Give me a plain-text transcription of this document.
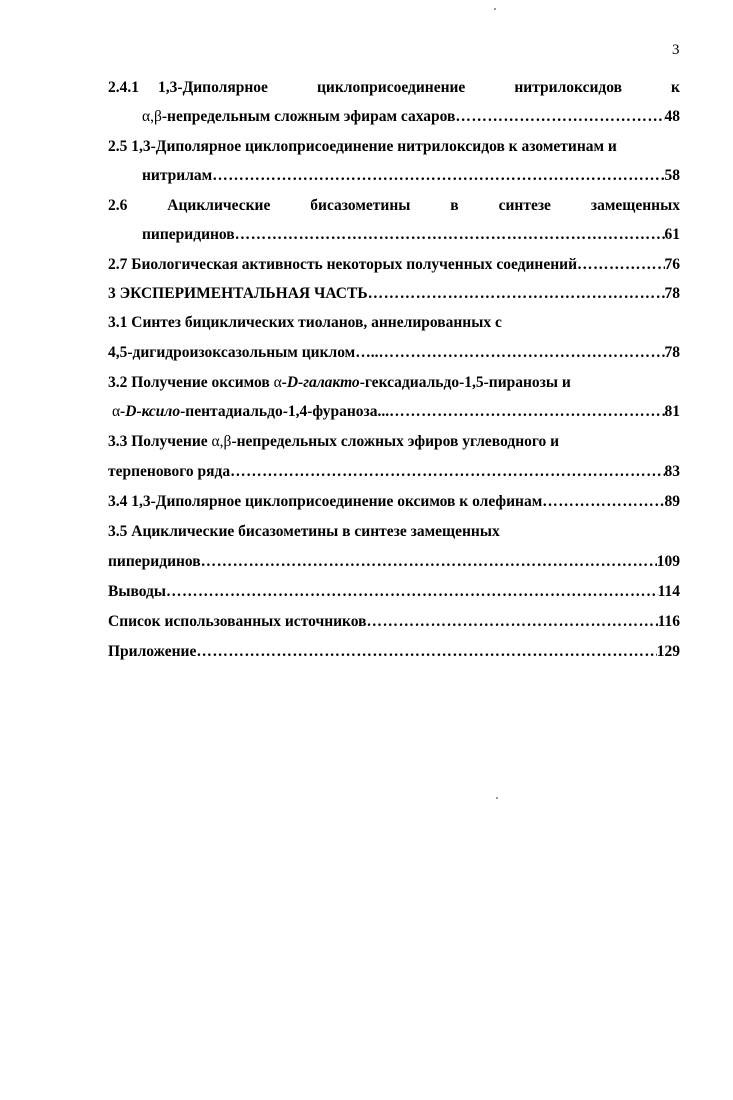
3
2.4.1 1,3-Диполярное	циклоприсоединение	нитрилоксидов	к
α,β -непредельным сложным эфирам сахаров ……………………………………………………………………………………………………………………………………………………………………	48
2.5 1,3-Диполярное циклоприсоединение нитрилоксидов к азометинам и
нитрилам ……………………………………………………………………………………………………………………………………………………………………	58
2.6	Ациклические	бисазометины	в	синтезе	замещенных
пиперидинов ……………………………………………………………………………………………………………………………………………………………………	61
2.7 Биологическая активность некоторых полученных соединений ……………………………………………………………………………………………………………………………………………………………………	76
3 ЭКСПЕРИМЕНТАЛЬНАЯ ЧАСТЬ ……………………………………………………………………………………………………………………………………………………………………	78
3.1 Синтез бициклических тиоланов, аннелированных с
4,5-дигидроизоксазольным циклом….. ……………………………………………………………………………………………………………………………………………………………………	78
3.2 Получение оксимов α-D-галакто-гексадиальдо-1,5-пиранозы и
α -D-ксило -пентадиальдо-1,4-фураноза... ……………………………………………………………………………………………………………………………………………………………………	81
3.3 Получение α,β-непредельных сложных эфиров углеводного и
терпенового ряда ……………………………………………………………………………………………………………………………………………………………………	83
3.4 1,3-Диполярное циклоприсоединение оксимов к олефинам ……………………………………………………………………………………………………………………………………………………………………	89
3.5 Ациклические бисазометины в синтезе замещенных
пиперидинов ……………………………………………………………………………………………………………………………………………………………………	109
Выводы ……………………………………………………………………………………………………………………………………………………………………	114
Список использованных источников ……………………………………………………………………………………………………………………………………………………………………	116
Приложение ……………………………………………………………………………………………………………………………………………………………………	129
